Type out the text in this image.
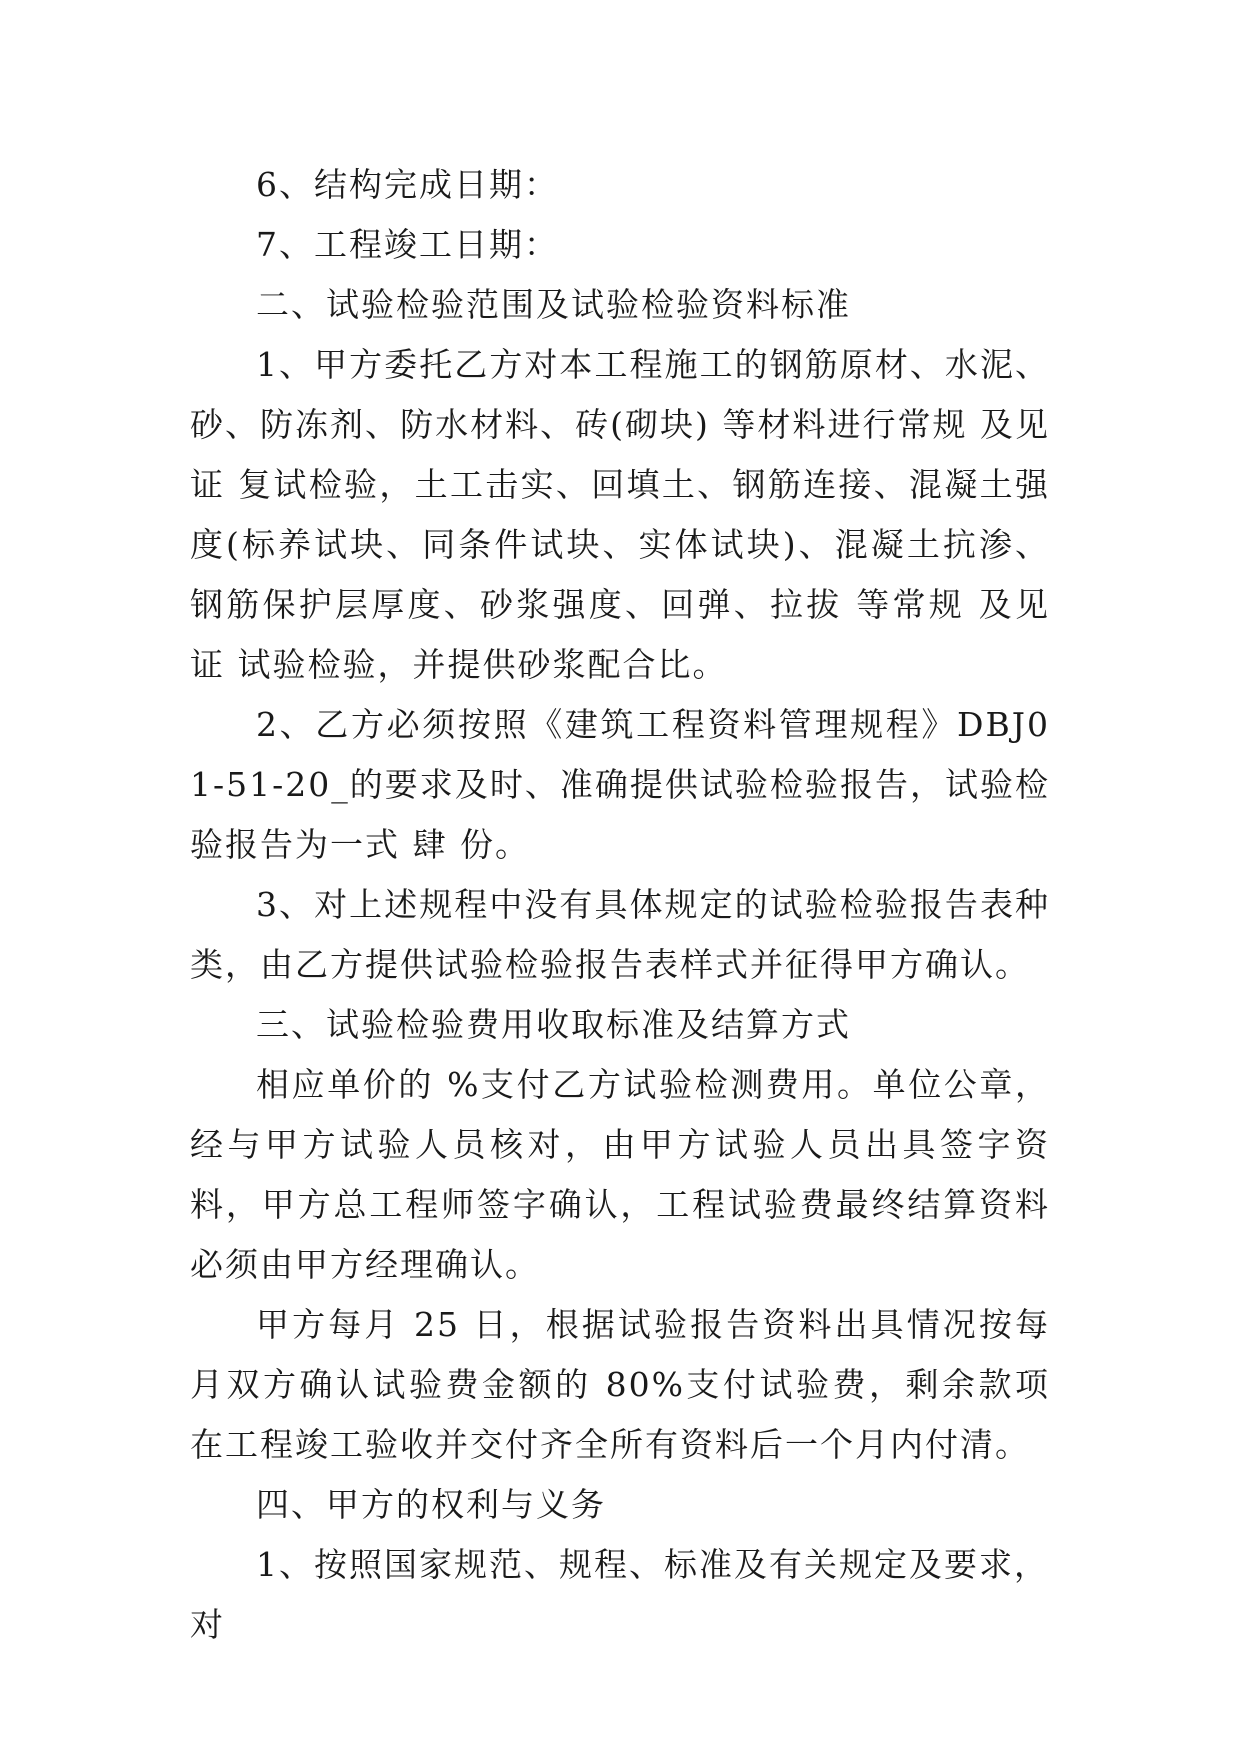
6、结构完成日期：

7、工程竣工日期：

二、试验检验范围及试验检验资料标准

1、甲方委托乙方对本工程施工的钢筋原材、水泥、砂、防冻剂、防水材料、砖(砌块) 等材料进行常规 及见证 复试检验，土工击实、回填土、钢筋连接、混凝土强度(标养试块、同条件试块、实体试块)、混凝土抗渗、钢筋保护层厚度、砂浆强度、回弹、拉拔 等常规 及见证 试验检验，并提供砂浆配合比。

2、乙方必须按照《建筑工程资料管理规程》DBJ01-51-20_的要求及时、准确提供试验检验报告，试验检验报告为一式 肆 份。

3、对上述规程中没有具体规定的试验检验报告表种类，由乙方提供试验检验报告表样式并征得甲方确认。

三、试验检验费用收取标准及结算方式

相应单价的 %支付乙方试验检测费用。单位公章，经与甲方试验人员核对，由甲方试验人员出具签字资料，甲方总工程师签字确认，工程试验费最终结算资料必须由甲方经理确认。

甲方每月 25 日，根据试验报告资料出具情况按每月双方确认试验费金额的 80%支付试验费，剩余款项在工程竣工验收并交付齐全所有资料后一个月内付清。

四、甲方的权利与义务

1、按照国家规范、规程、标准及有关规定及要求，对
